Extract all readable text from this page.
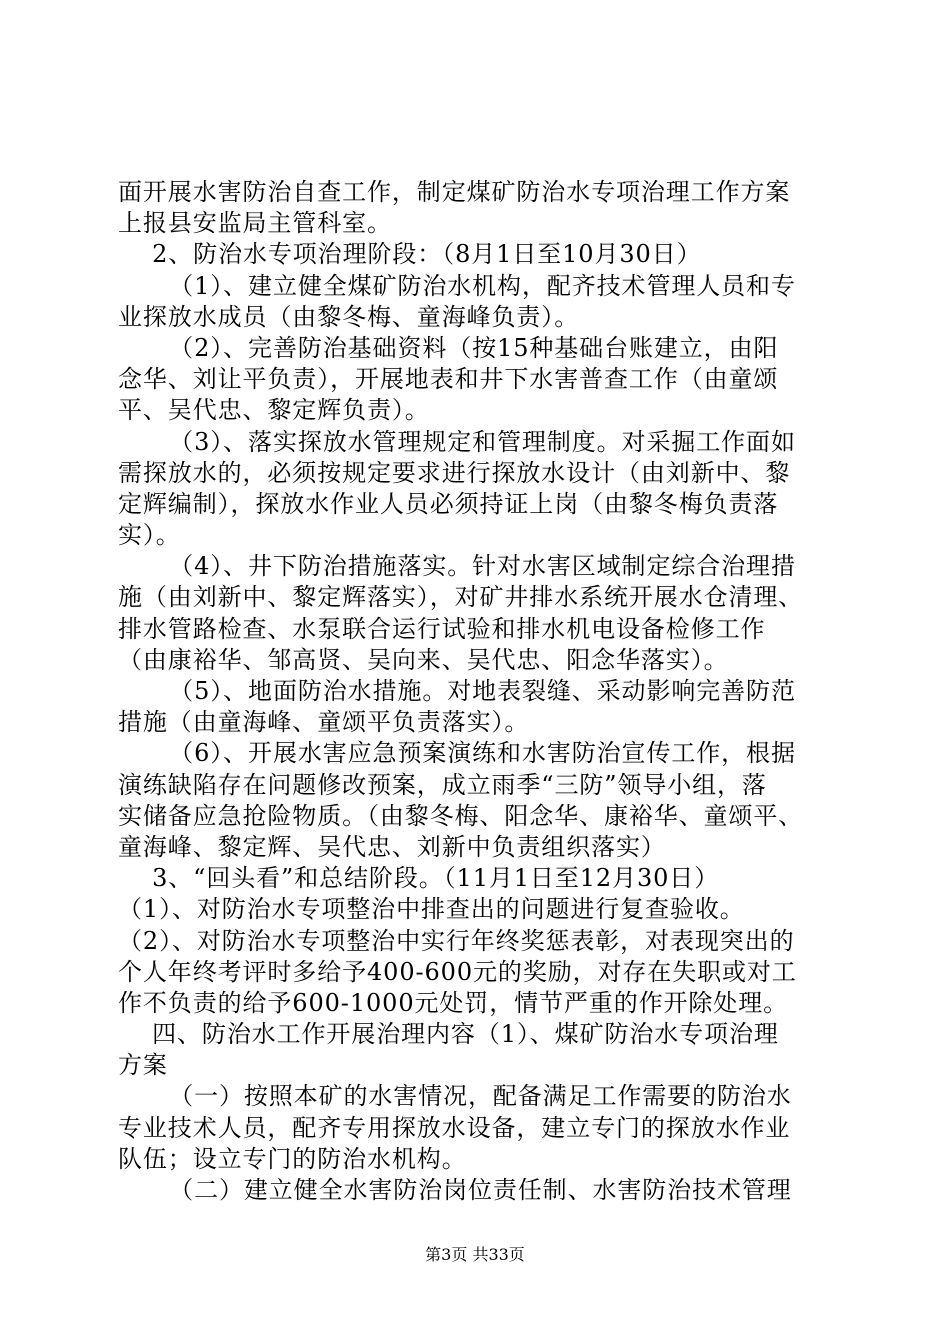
面开展水害防治自查工作，制定煤矿防治水专项治理工作方案
上报县安监局主管科室。
2、防治水专项治理阶段：（8月1日至10月30日）
（1）、建立健全煤矿防治水机构，配齐技术管理人员和专
业探放水成员（由黎冬梅、童海峰负责）。
（2）、完善防治基础资料（按15种基础台账建立，由阳
念华、刘让平负责），开展地表和井下水害普查工作（由童颂
平、吴代忠、黎定辉负责）。
（3）、落实探放水管理规定和管理制度。对采掘工作面如
需探放水的，必须按规定要求进行探放水设计（由刘新中、黎
定辉编制），探放水作业人员必须持证上岗（由黎冬梅负责落
实）。
（4）、井下防治措施落实。针对水害区域制定综合治理措
施（由刘新中、黎定辉落实），对矿井排水系统开展水仓清理、
排水管路检查、水泵联合运行试验和排水机电设备检修工作
（由康裕华、邹高贤、吴向来、吴代忠、阳念华落实）。
（5）、地面防治水措施。对地表裂缝、采动影响完善防范
措施（由童海峰、童颂平负责落实）。
（6）、开展水害应急预案演练和水害防治宣传工作，根据
演练缺陷存在问题修改预案，成立雨季“三防”领导小组，落
实储备应急抢险物质。（由黎冬梅、阳念华、康裕华、童颂平、
童海峰、黎定辉、吴代忠、刘新中负责组织落实）
3、“回头看”和总结阶段。（11月1日至12月30日）
（1）、对防治水专项整治中排查出的问题进行复查验收。
（2）、对防治水专项整治中实行年终奖惩表彰，对表现突出的
个人年终考评时多给予400-600元的奖励，对存在失职或对工
作不负责的给予600-1000元处罚，情节严重的作开除处理。
四、防治水工作开展治理内容（1）、煤矿防治水专项治理
方案
（一）按照本矿的水害情况，配备满足工作需要的防治水
专业技术人员，配齐专用探放水设备，建立专门的探放水作业
队伍；设立专门的防治水机构。
（二）建立健全水害防治岗位责任制、水害防治技术管理
第3页 共33页
